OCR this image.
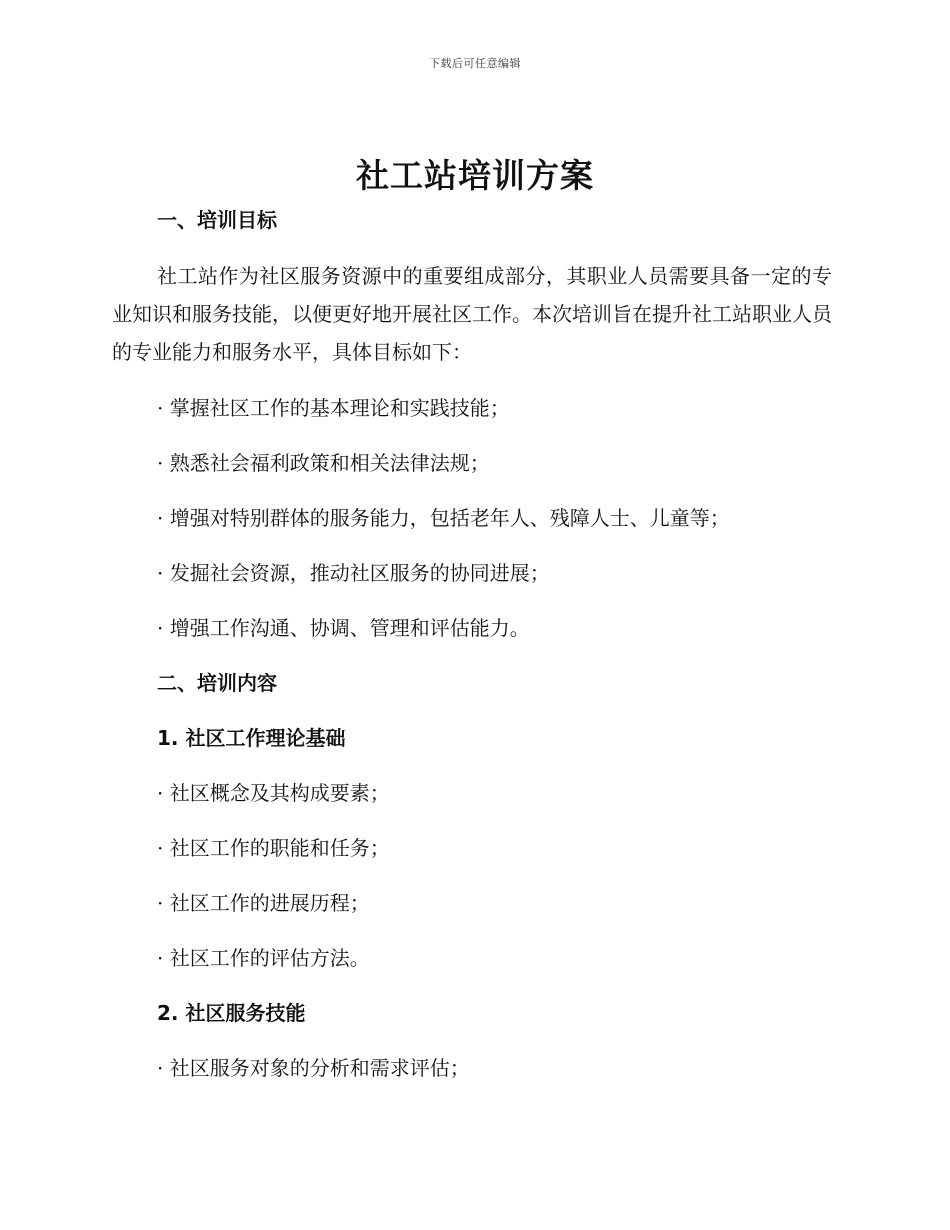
下载后可任意编辑
社工站培训方案
一、培训目标

社工站作为社区服务资源中的重要组成部分，其职业人员需要具备一定的专业知识和服务技能，以便更好地开展社区工作。本次培训旨在提升社工站职业人员的专业能力和服务水平，具体目标如下：

· 掌握社区工作的基本理论和实践技能；
· 熟悉社会福利政策和相关法律法规；
· 增强对特别群体的服务能力，包括老年人、残障人士、儿童等；
· 发掘社会资源，推动社区服务的协同进展；
· 增强工作沟通、协调、管理和评估能力。
二、培训内容
1. 社区工作理论基础
· 社区概念及其构成要素；
· 社区工作的职能和任务；
· 社区工作的进展历程；
· 社区工作的评估方法。
2. 社区服务技能
· 社区服务对象的分析和需求评估；
